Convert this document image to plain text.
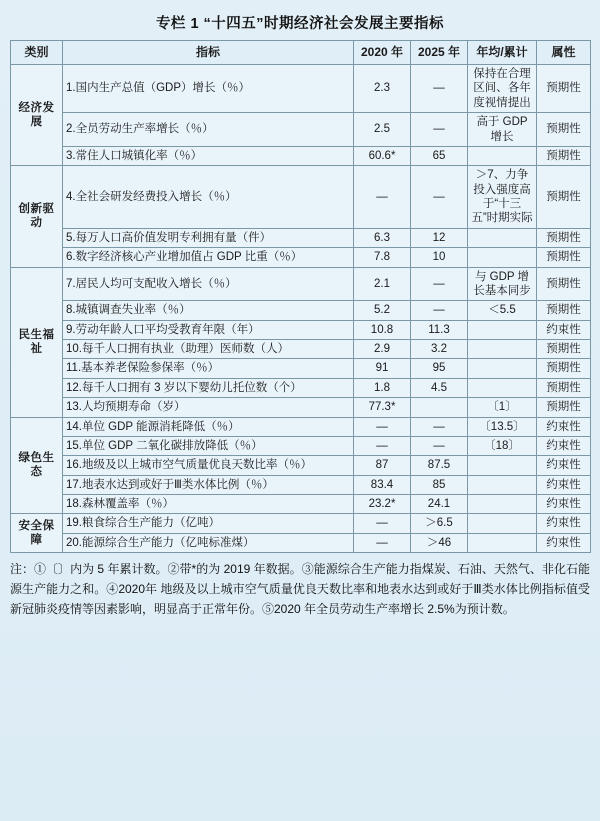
专栏 1 “十四五”时期经济社会发展主要指标
类别	指标	2020 年	2025 年	年均/累计	属性
经济发展	1.国内生产总值（GDP）增长（％）	2.3	—	保持在合理区间、各年度视情提出	预期性
	2.全员劳动生产率增长（％）	2.5	—	高于 GDP 增长	预期性
	3.常住人口城镇化率（％）	60.6*	65		预期性
创新驱动	4.全社会研发经费投入增长（％）	—	—	＞7、力争投入强度高于“十三五”时期实际	预期性
	5.每万人口高价值发明专利拥有量（件）	6.3	12		预期性
	6.数字经济核心产业增加值占 GDP 比重（％）	7.8	10		预期性
民生福祉	7.居民人均可支配收入增长（％）	2.1	—	与 GDP 增长基本同步	预期性
	8.城镇调查失业率（％）	5.2	—	＜5.5	预期性
	9.劳动年龄人口平均受教育年限（年）	10.8	11.3		约束性
	10.每千人口拥有执业（助理）医师数（人）	2.9	3.2		预期性
	11.基本养老保险参保率（％）	91	95		预期性
	12.每千人口拥有 3 岁以下婴幼儿托位数（个）	1.8	4.5		预期性
	13.人均预期寿命（岁）	77.3*		〔1〕	预期性
绿色生态	14.单位 GDP 能源消耗降低（％）	—	—	〔13.5〕	约束性
	15.单位 GDP 二氧化碳排放降低（％）	—	—	〔18〕	约束性
	16.地级及以上城市空气质量优良天数比率（％）	87	87.5		约束性
	17.地表水达到或好于Ⅲ类水体比例（％）	83.4	85		约束性
	18.森林覆盖率（％）	23.2*	24.1		约束性
安全保障	19.粮食综合生产能力（亿吨）	—	＞6.5		约束性
	20.能源综合生产能力（亿吨标准煤）	—	＞46		约束性
注：①〔〕内为 5 年累计数。②带*的为 2019 年数据。③能源综合生产能力指煤炭、石油、天然气、非化石能源生产能力之和。④2020年 地级及以上城市空气质量优良天数比率和地表水达到或好于Ⅲ类水体比例指标值受新冠肺炎疫情等因素影响，明显高于正常年份。⑤2020 年全员劳动生产率增长 2.5%为预计数。
